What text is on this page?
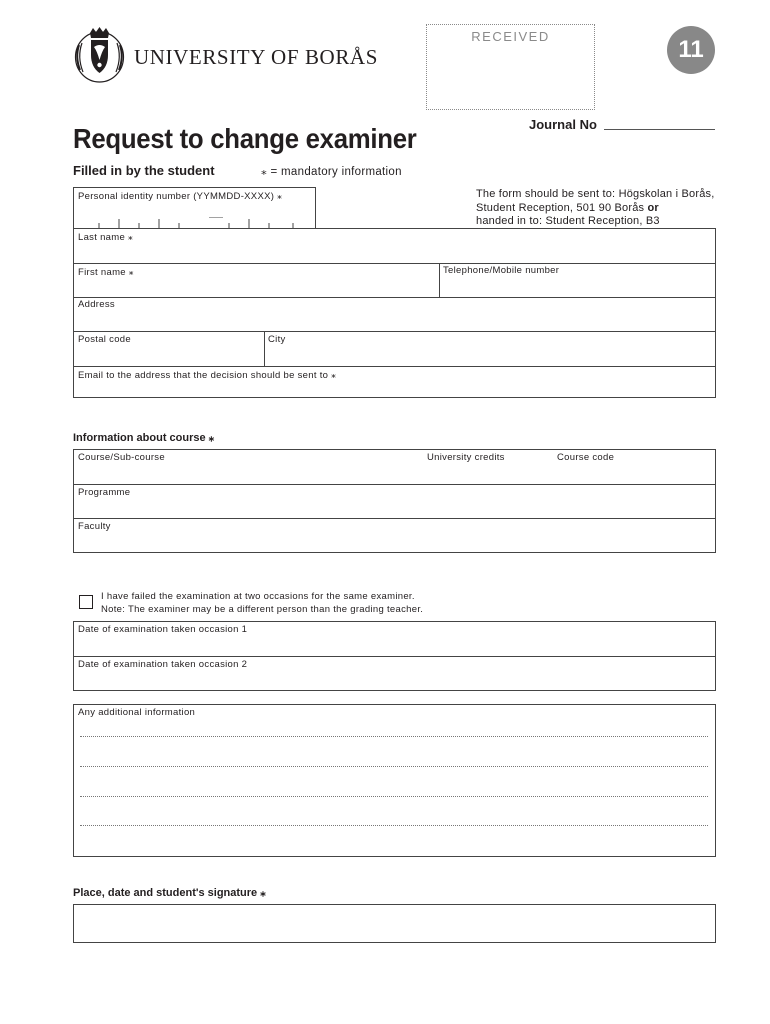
UNIVERSITY OF BORÅS
RECEIVED	11
Journal No
Request to change examiner
Filled in by the student	⁎ = mandatory information
The form should be sent to: Högskolan i Borås,
Student Reception, 501 90 Borås or
handed in to: Student Reception, B3
Personal identity number (YYMMDD-XXXX) ⁎
Last name ⁎
First name ⁎	Telephone/Mobile number
Address
Postal code	City
Email to the address that the decision should be sent to ⁎
Information about course ⁎
Course/Sub-course	University credits	Course code
Programme
Faculty
I have failed the examination at two occasions for the same examiner.
Note: The examiner may be a different person than the grading teacher.
Date of examination taken occasion 1
Date of examination taken occasion 2
Any additional information
Place, date and student's signature ⁎
